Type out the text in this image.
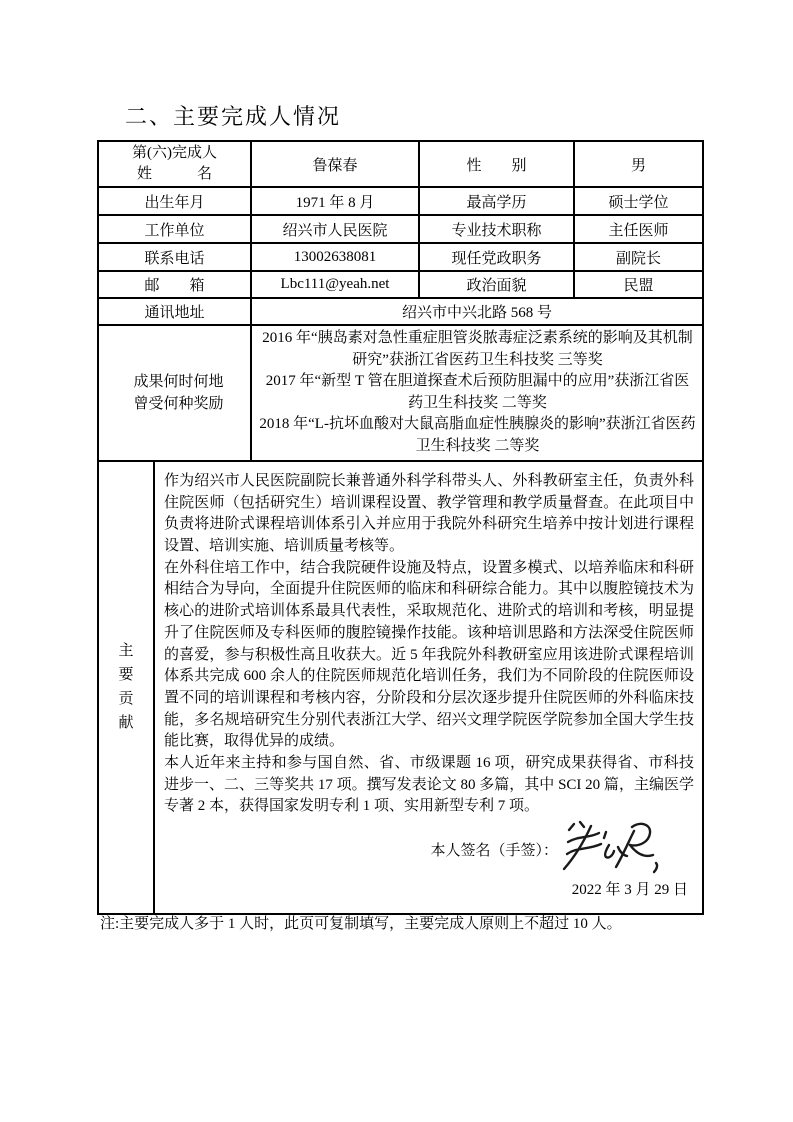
二、主要完成人情况
第(六)完成人
姓　　　名		鲁葆春	性　　别	男
出生年月		1971 年 8 月	最高学历	硕士学位
工作单位		绍兴市人民医院	专业技术职称	主任医师
联系电话		13002638081	现任党政职务	副院长
邮　　箱		Lbc111@yeah.net	政治面貌	民盟
通讯地址		绍兴市中兴北路 568 号		

成果何时何地
曾受何种奖励

2016 年“胰岛素对急性重症胆管炎脓毒症泛素系统的影响及其机制研究”获浙江省医药卫生科技奖 三等奖
2017 年“新型 T 管在胆道探查术后预防胆漏中的应用”获浙江省医药卫生科技奖 二等奖
2018 年“L-抗坏血酸对大鼠高脂血症性胰腺炎的影响”获浙江省医药卫生科技奖 二等奖

主要贡献	作为绍兴市人民医院副院长兼普通外科学科带头人、外科教研室主任，负责外科住院医师（包括研究生）培训课程设置、教学管理和教学质量督查。在此项目中负责将进阶式课程培训体系引入并应用于我院外科研究生培养中按计划进行课程设置、培训实施、培训质量考核等。

在外科住培工作中，结合我院硬件设施及特点，设置多模式、以培养临床和科研相结合为导向，全面提升住院医师的临床和科研综合能力。其中以腹腔镜技术为核心的进阶式培训体系最具代表性，采取规范化、进阶式的培训和考核，明显提升了住院医师及专科医师的腹腔镜操作技能。该种培训思路和方法深受住院医师的喜爱，参与积极性高且收获大。近 5 年我院外科教研室应用该进阶式课程培训体系共完成 600 余人的住院医师规范化培训任务，我们为不同阶段的住院医师设置不同的培训课程和考核内容，分阶段和分层次逐步提升住院医师的外科临床技能，多名规培研究生分别代表浙江大学、绍兴文理学院医学院参加全国大学生技能比赛，取得优异的成绩。

本人近年来主持和参与国自然、省、市级课题 16 项，研究成果获得省、市科技进步一、二、三等奖共 17 项。撰写发表论文 80 多篇，其中 SCI 20 篇，主编医学专著 2 本，获得国家发明专利 1 项、实用新型专利 7 项。

本人签名（手签）：
2022 年 3 月 29 日			
注:主要完成人多于 1 人时，此页可复制填写，主要完成人原则上不超过 10 人。
